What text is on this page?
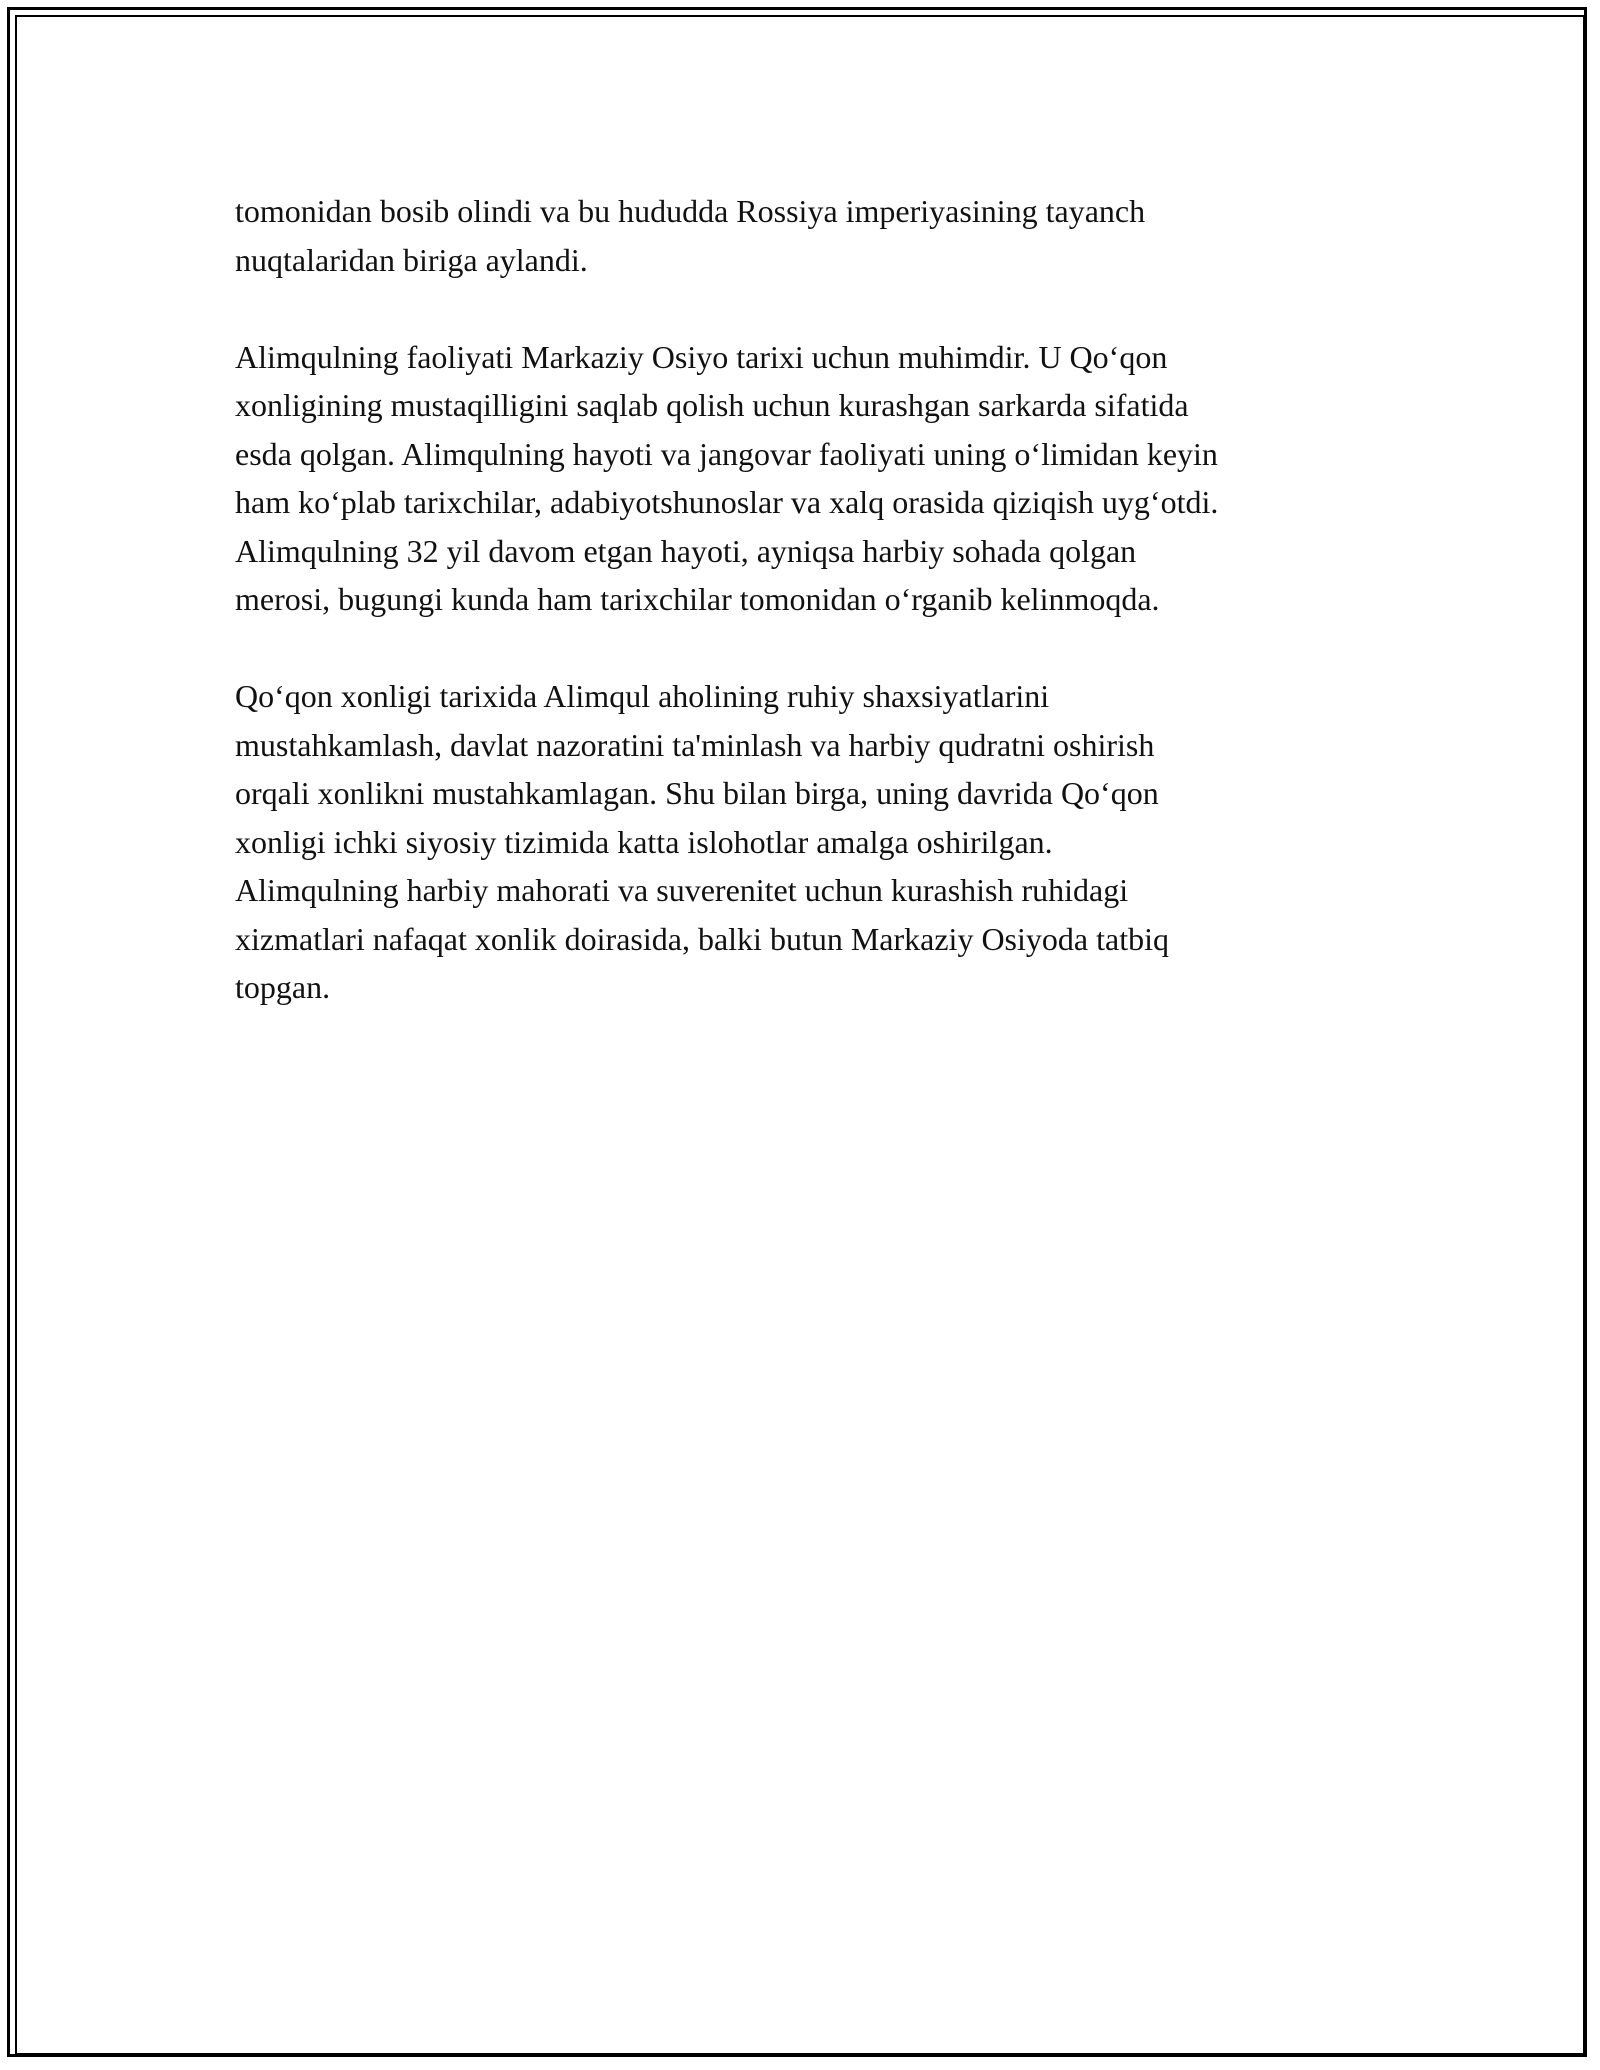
tomonidan bosib olindi va bu hududda Rossiya imperiyasining tayanch
nuqtalaridan biriga aylandi.

Alimqulning faoliyati Markaziy Osiyo tarixi uchun muhimdir. U Qo‘qon
xonligining mustaqilligini saqlab qolish uchun kurashgan sarkarda sifatida
esda qolgan. Alimqulning hayoti va jangovar faoliyati uning o‘limidan keyin
ham ko‘plab tarixchilar, adabiyotshunoslar va xalq orasida qiziqish uyg‘otdi.
Alimqulning 32 yil davom etgan hayoti, ayniqsa harbiy sohada qolgan
merosi, bugungi kunda ham tarixchilar tomonidan o‘rganib kelinmoqda.

Qo‘qon xonligi tarixida Alimqul aholining ruhiy shaxsiyatlarini
mustahkamlash, davlat nazoratini ta'minlash va harbiy qudratni oshirish
orqali xonlikni mustahkamlagan. Shu bilan birga, uning davrida Qo‘qon
xonligi ichki siyosiy tizimida katta islohotlar amalga oshirilgan.
Alimqulning harbiy mahorati va suverenitet uchun kurashish ruhidagi
xizmatlari nafaqat xonlik doirasida, balki butun Markaziy Osiyoda tatbiq
topgan.
